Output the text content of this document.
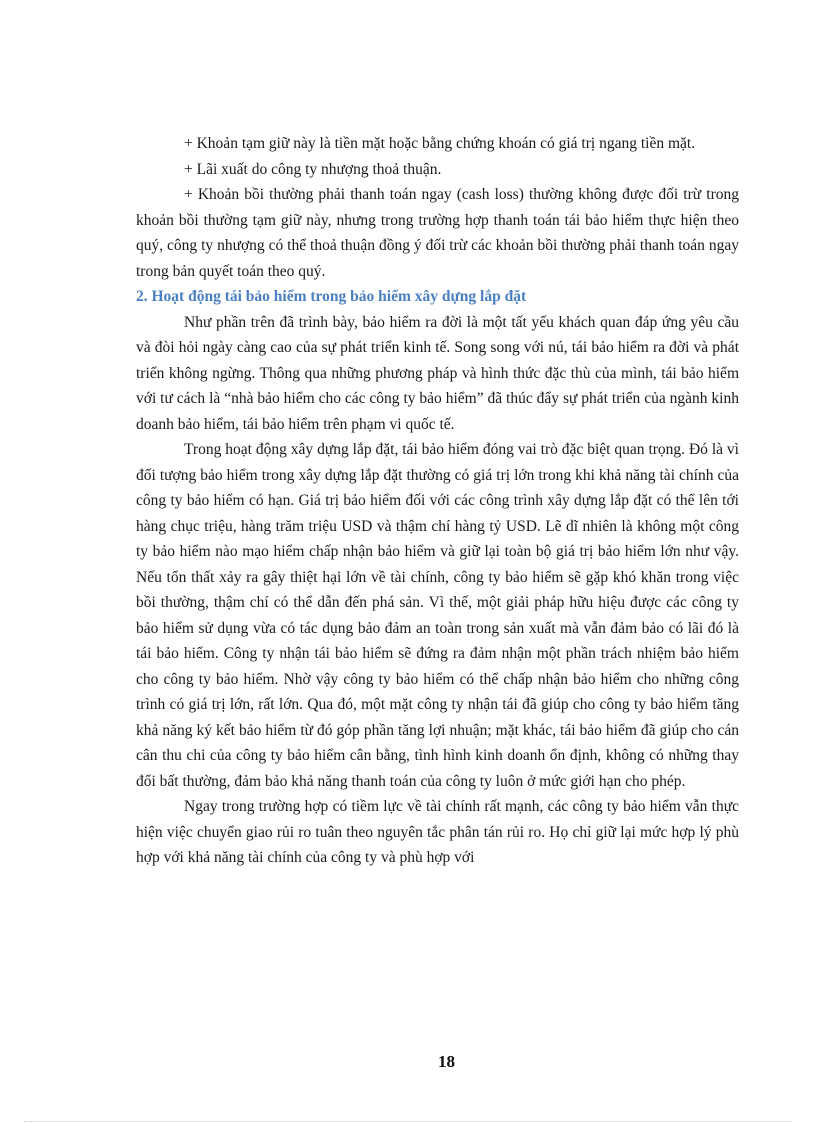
+ Khoản tạm giữ này là tiền mặt hoặc bằng chứng khoán có giá trị ngang tiền mặt.

+ Lãi xuất do công ty nhượng thoả thuận.

+ Khoản bồi thường phải thanh toán ngay (cash loss) thường không được đối trừ trong khoản bồi thường tạm giữ này, nhưng trong trường hợp thanh toán tái bảo hiểm thực hiện theo quý, công ty nhượng có thể thoả thuận đồng ý đối trừ các khoản bồi thường phải thanh toán ngay trong bản quyết toán theo quý.

2. Hoạt động tái bảo hiểm trong bảo hiểm xây dựng lắp đặt

Như phần trên đã trình bày, bảo hiểm ra đời là một tất yếu khách quan đáp ứng yêu cầu và đòi hỏi ngày càng cao của sự phát triển kinh tế. Song song với nú, tái bảo hiểm ra đời và phát triển không ngừng. Thông qua những phương pháp và hình thức đặc thù của mình, tái bảo hiểm với tư cách là “nhà bảo hiểm cho các công ty bảo hiểm” đã thúc đẩy sự phát triển của ngành kinh doanh bảo hiểm, tái bảo hiểm trên phạm vi quốc tế.

Trong hoạt động xây dựng lắp đặt, tái bảo hiểm đóng vai trò đặc biệt quan trọng. Đó là vì đối tượng bảo hiểm trong xây dựng lắp đặt thường có giá trị lớn trong khi khả năng tài chính của công ty bảo hiểm có hạn. Giá trị bảo hiểm đối với các công trình xây dựng lắp đặt có thể lên tới hàng chục triệu, hàng trăm triệu USD và thậm chí hàng tỷ USD. Lẽ dĩ nhiên là không một công ty bảo hiểm nào mạo hiểm chấp nhận bảo hiểm và giữ lại toàn bộ giá trị bảo hiểm lớn như vậy. Nếu tổn thất xảy ra gây thiệt hại lớn về tài chính, công ty bảo hiểm sẽ gặp khó khăn trong việc bồi thường, thậm chí có thể dẫn đến phá sản. Vì thế, một giải pháp hữu hiệu được các công ty bảo hiểm sử dụng vừa có tác dụng bảo đảm an toàn trong sản xuất mà vẫn đảm bảo có lãi đó là tái bảo hiểm. Công ty nhận tái bảo hiểm sẽ đứng ra đảm nhận một phần trách nhiệm bảo hiểm cho công ty bảo hiểm. Nhờ vậy công ty bảo hiểm có thể chấp nhận bảo hiểm cho những công trình có giá trị lớn, rất lớn. Qua đó, một mặt công ty nhận tái đã giúp cho công ty bảo hiểm tăng khả năng ký kết bảo hiểm từ đó góp phần tăng lợi nhuận; mặt khác, tái bảo hiểm đã giúp cho cán cân thu chi của công ty bảo hiểm cân bằng, tình hình kinh doanh ổn định, không có những thay đổi bất thường, đảm bảo khả năng thanh toán của công ty luôn ở mức giới hạn cho phép.

Ngay trong trường hợp có tiềm lực về tài chính rất mạnh, các công ty bảo hiểm vẫn thực hiện việc chuyển giao rủi ro tuân theo nguyên tắc phân tán rủi ro. Họ chỉ giữ lại mức hợp lý phù hợp với khả năng tài chính của công ty và phù hợp với

18
